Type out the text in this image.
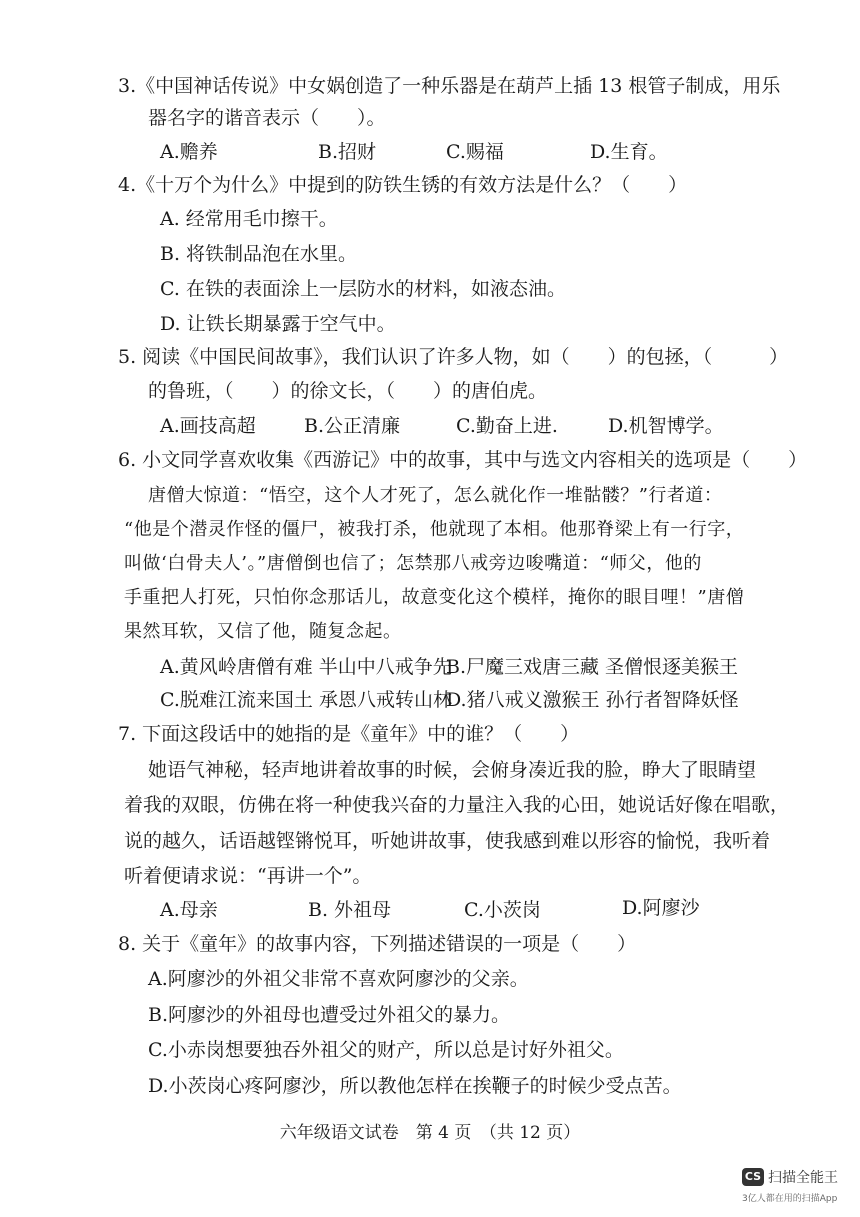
3.《中国神话传说》中女娲创造了一种乐器是在葫芦上插 13 根管子制成，用乐
器名字的谐音表示（　　）。
A.赡养	B.招财	C.赐福	D.生育。
4.《十万个为什么》中提到的防铁生锈的有效方法是什么？（　　）
A. 经常用毛巾擦干。
B. 将铁制品泡在水里。
C. 在铁的表面涂上一层防水的材料，如液态油。
D. 让铁长期暴露于空气中。
5. 阅读《中国民间故事》，我们认识了许多人物，如（　　）的包拯，（　　　）
的鲁班，（　　）的徐文长，（　　）的唐伯虎。
A.画技高超	B.公正清廉	C.勤奋上进.	D.机智博学。
6. 小文同学喜欢收集《西游记》中的故事，其中与选文内容相关的选项是（　　）
唐僧大惊道：“悟空，这个人才死了，怎么就化作一堆骷髅？”行者道：
“他是个潜灵作怪的僵尸，被我打杀，他就现了本相。他那脊梁上有一行字，
叫做‘白骨夫人’。”唐僧倒也信了；怎禁那八戒旁边唆嘴道：“师父，他的
手重把人打死，只怕你念那话儿，故意变化这个模样，掩你的眼目哩！”唐僧
果然耳软，又信了他，随复念起。
A.黄风岭唐僧有难 半山中八戒争先
B.尸魔三戏唐三藏 圣僧恨逐美猴王
C.脱难江流来国土 承恩八戒转山林
D.猪八戒义激猴王 孙行者智降妖怪
7. 下面这段话中的她指的是《童年》中的谁？（　　）
她语气神秘，轻声地讲着故事的时候，会俯身凑近我的脸，睁大了眼睛望
着我的双眼，仿佛在将一种使我兴奋的力量注入我的心田，她说话好像在唱歌，
说的越久，话语越铿锵悦耳，听她讲故事，使我感到难以形容的愉悦，我听着
听着便请求说：“再讲一个”。
A.母亲	B. 外祖母	C.小茨岗	D.阿廖沙
8. 关于《童年》的故事内容，下列描述错误的一项是（　　）
A.阿廖沙的外祖父非常不喜欢阿廖沙的父亲。
B.阿廖沙的外祖母也遭受过外祖父的暴力。
C.小赤岗想要独吞外祖父的财产，所以总是讨好外祖父。
D.小茨岗心疼阿廖沙，所以教他怎样在挨鞭子的时候少受点苦。
六年级语文试卷　第 4 页　（共 12 页）
CS 扫描全能王
3亿人都在用的扫描App
